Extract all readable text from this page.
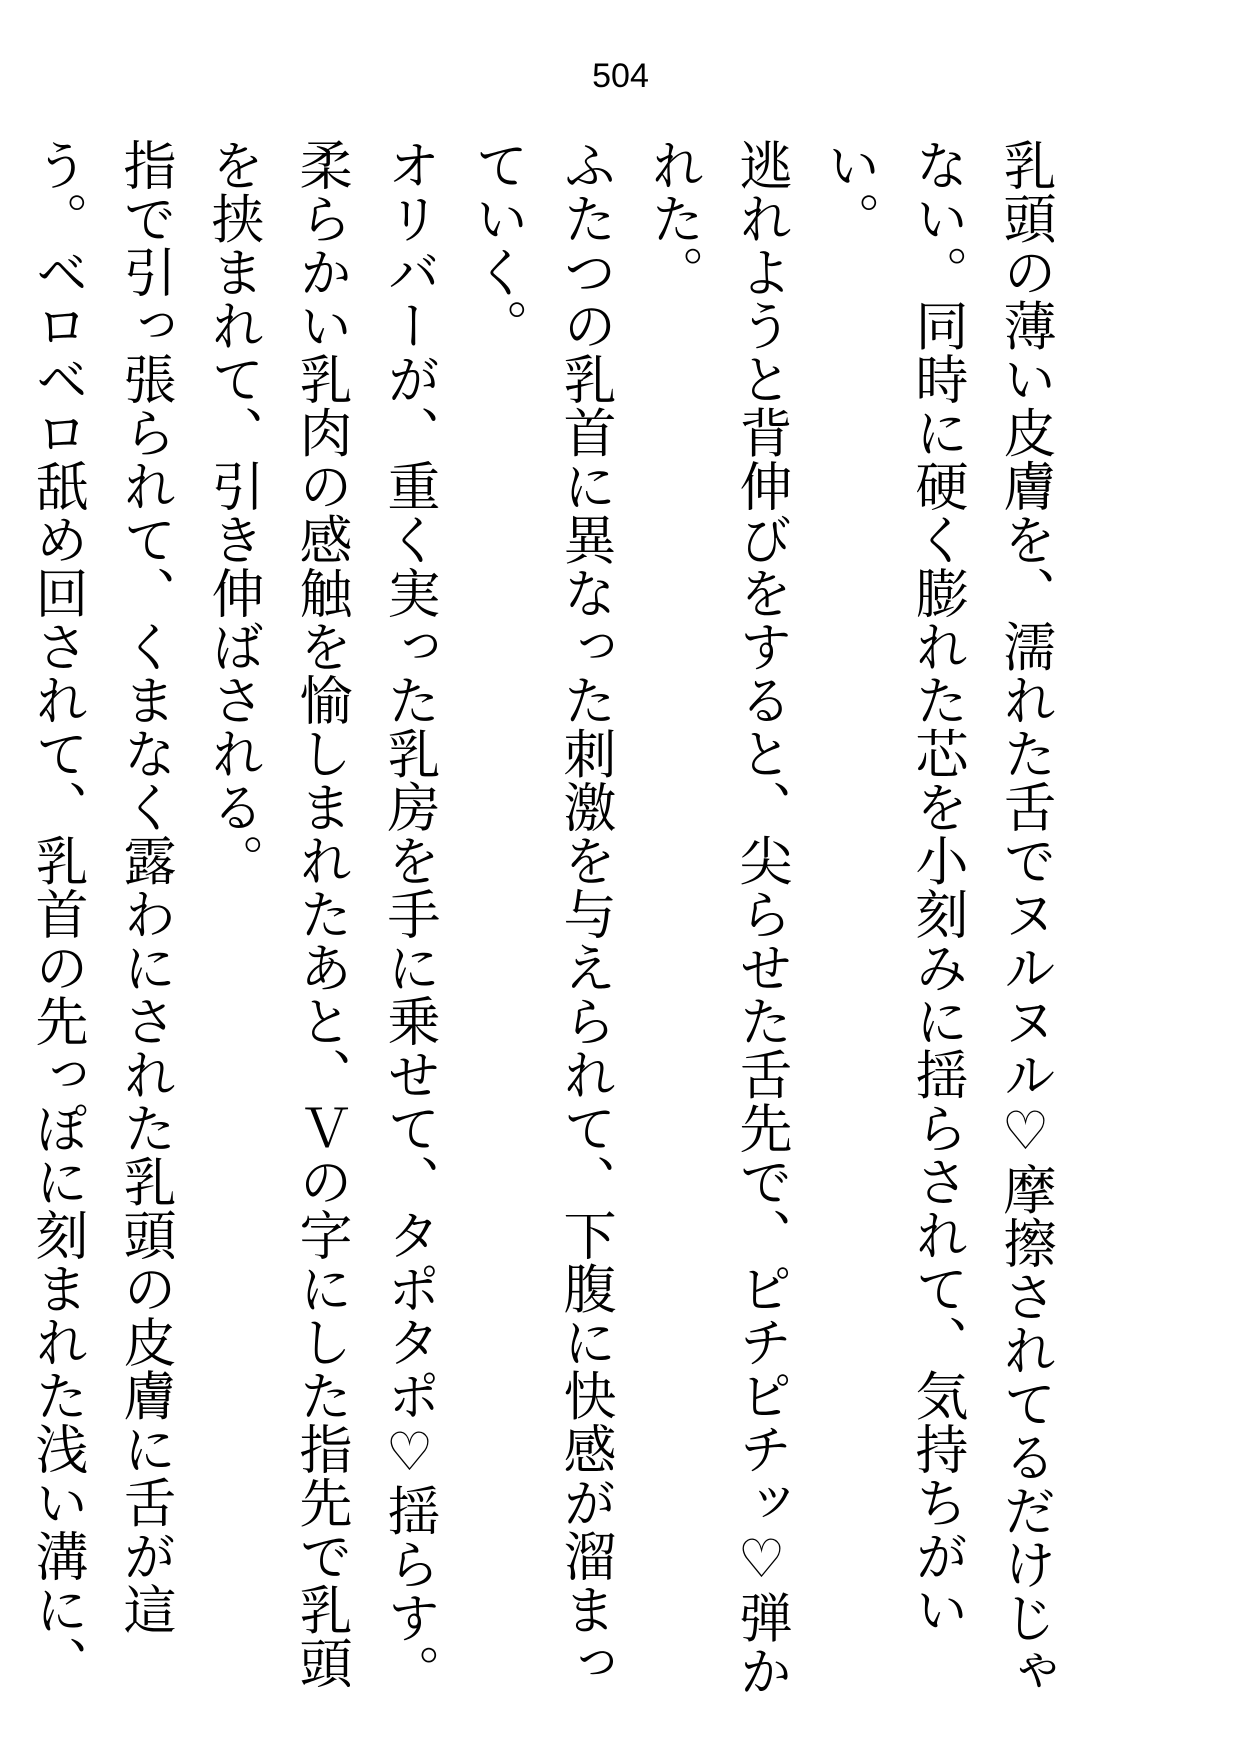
504

乳頭の薄い皮膚を、濡れた舌でヌルヌル♡摩擦されてるだけじゃない。同時に硬く膨れた芯を小刻みに揺らされて、気持ちがいい。

逃れようと背伸びをすると、尖らせた舌先で、ピチピチッ♡弾かれた。

ふたつの乳首に異なった刺激を与えられて、下腹に快感が溜まっていく。

オリバーが、重く実った乳房を手に乗せて、タポタポ♡揺らす。柔らかい乳肉の感触を愉しまれたあと、Ｖの字にした指先で乳頭を挟まれて、引き伸ばされる。

指で引っ張られて、くまなく露わにされた乳頭の皮膚に舌が這う。ベロベロ舐め回されて、乳首の先っぽに刻まれた浅い溝に、
